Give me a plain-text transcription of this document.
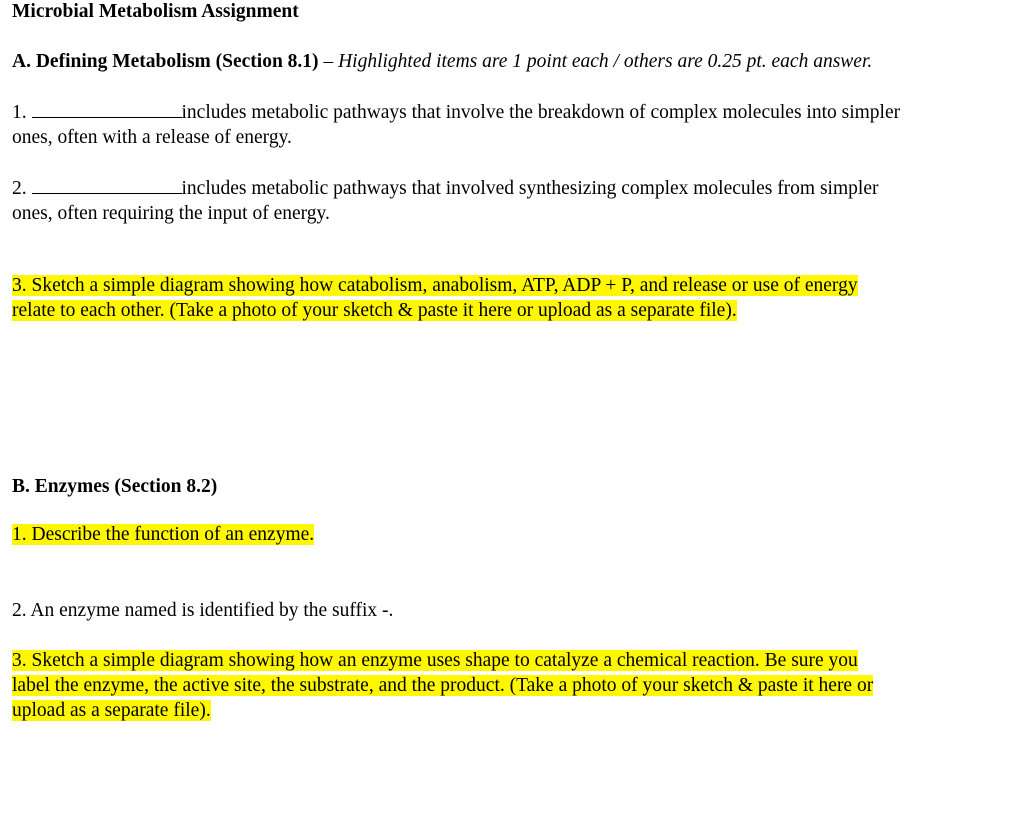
Microbial Metabolism Assignment

A. Defining Metabolism (Section 8.1) – Highlighted items are 1 point each / others are 0.25 pt. each answer.

1.	includes metabolic pathways that involve the breakdown of complex molecules into simpler
ones, often with a release of energy.

2.	includes metabolic pathways that involved synthesizing complex molecules from simpler
ones, often requiring the input of energy.

3. Sketch a simple diagram showing how catabolism, anabolism, ATP, ADP + P, and release or use of energy
relate to each other. (Take a photo of your sketch & paste it here or upload as a separate file).

B. Enzymes (Section 8.2)

1. Describe the function of an enzyme.

2. An enzyme named is identified by the suffix -.

3. Sketch a simple diagram showing how an enzyme uses shape to catalyze a chemical reaction. Be sure you
label the enzyme, the active site, the substrate, and the product. (Take a photo of your sketch & paste it here or
upload as a separate file).
